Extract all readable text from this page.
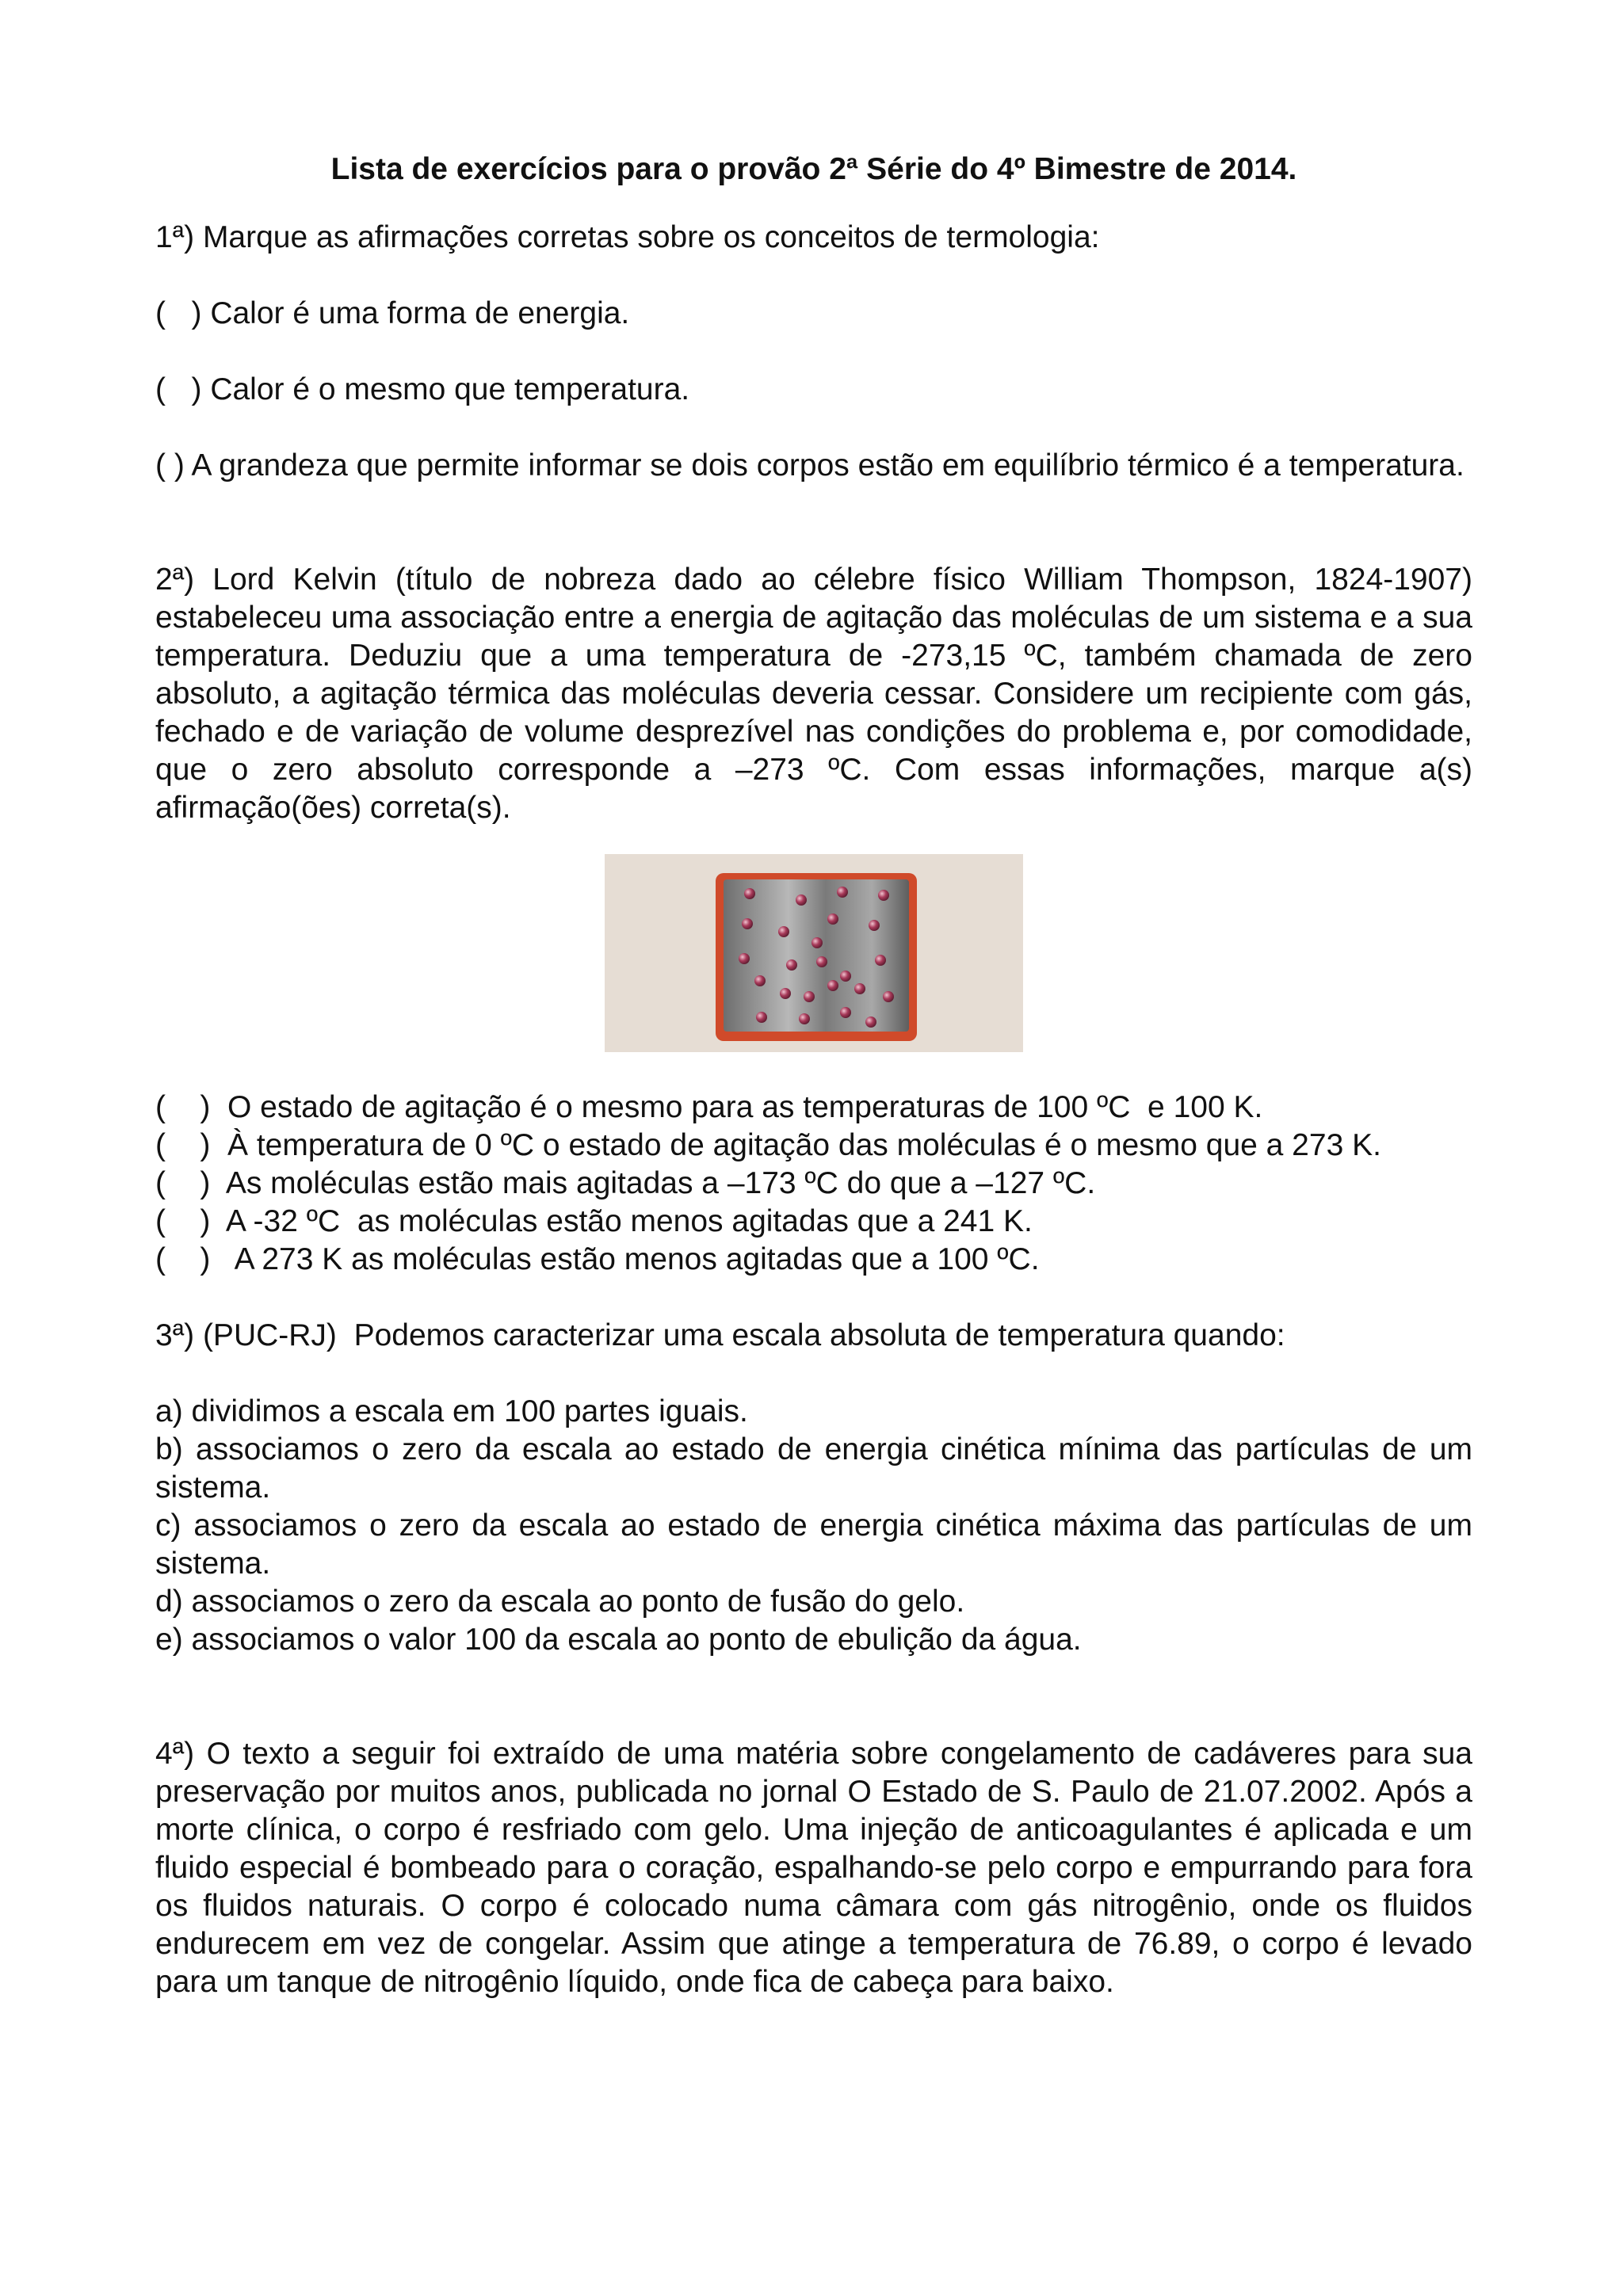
Lista de exercícios para o provão 2ª Série do 4º Bimestre de 2014.

1ª) Marque as afirmações corretas sobre os conceitos de termologia:

(   ) Calor é uma forma de energia.

(   ) Calor é o mesmo que temperatura.

( ) A grandeza que permite informar se dois corpos estão em equilíbrio térmico é a temperatura.

2ª) Lord Kelvin (título de nobreza dado ao célebre físico William Thompson, 1824-1907) estabeleceu uma associação entre a energia de agitação das moléculas de um sistema e a sua temperatura. Deduziu que a uma temperatura de -273,15 ºC, também chamada de zero absoluto, a agitação térmica das moléculas deveria cessar. Considere um recipiente com gás, fechado e de variação de volume desprezível nas condições do problema e, por comodidade, que o zero absoluto corresponde a –273 ºC. Com essas informações, marque a(s) afirmação(ões) correta(s).

(    )  O estado de agitação é o mesmo para as temperaturas de 100 ºC  e 100 K.

(    )  À temperatura de 0 ºC o estado de agitação das moléculas é o mesmo que a 273 K.

(    )  As moléculas estão mais agitadas a –173 ºC do que a –127 ºC.

(    )  A -32 ºC  as moléculas estão menos agitadas que a 241 K.

(    )   A 273 K as moléculas estão menos agitadas que a 100 ºC.

3ª) (PUC-RJ)  Podemos caracterizar uma escala absoluta de temperatura quando:

a) dividimos a escala em 100 partes iguais.

b) associamos o zero da escala ao estado de energia cinética mínima das partículas de um sistema.

c) associamos o zero da escala ao estado de energia cinética máxima das partículas de um sistema.

d) associamos o zero da escala ao ponto de fusão do gelo.

e) associamos o valor 100 da escala ao ponto de ebulição da água.

4ª) O texto a seguir foi extraído de uma matéria sobre congelamento de cadáveres para sua preservação por muitos anos, publicada no jornal O Estado de S. Paulo de 21.07.2002. Após a morte clínica, o corpo é resfriado com gelo. Uma injeção de anticoagulantes é aplicada e um fluido especial é bombeado para o coração, espalhando-se pelo corpo e empurrando para fora os fluidos naturais. O corpo é colocado numa câmara com gás nitrogênio, onde os fluidos endurecem em vez de congelar. Assim que atinge a temperatura de 76.89, o corpo é levado para um tanque de nitrogênio líquido, onde fica de cabeça para baixo.
